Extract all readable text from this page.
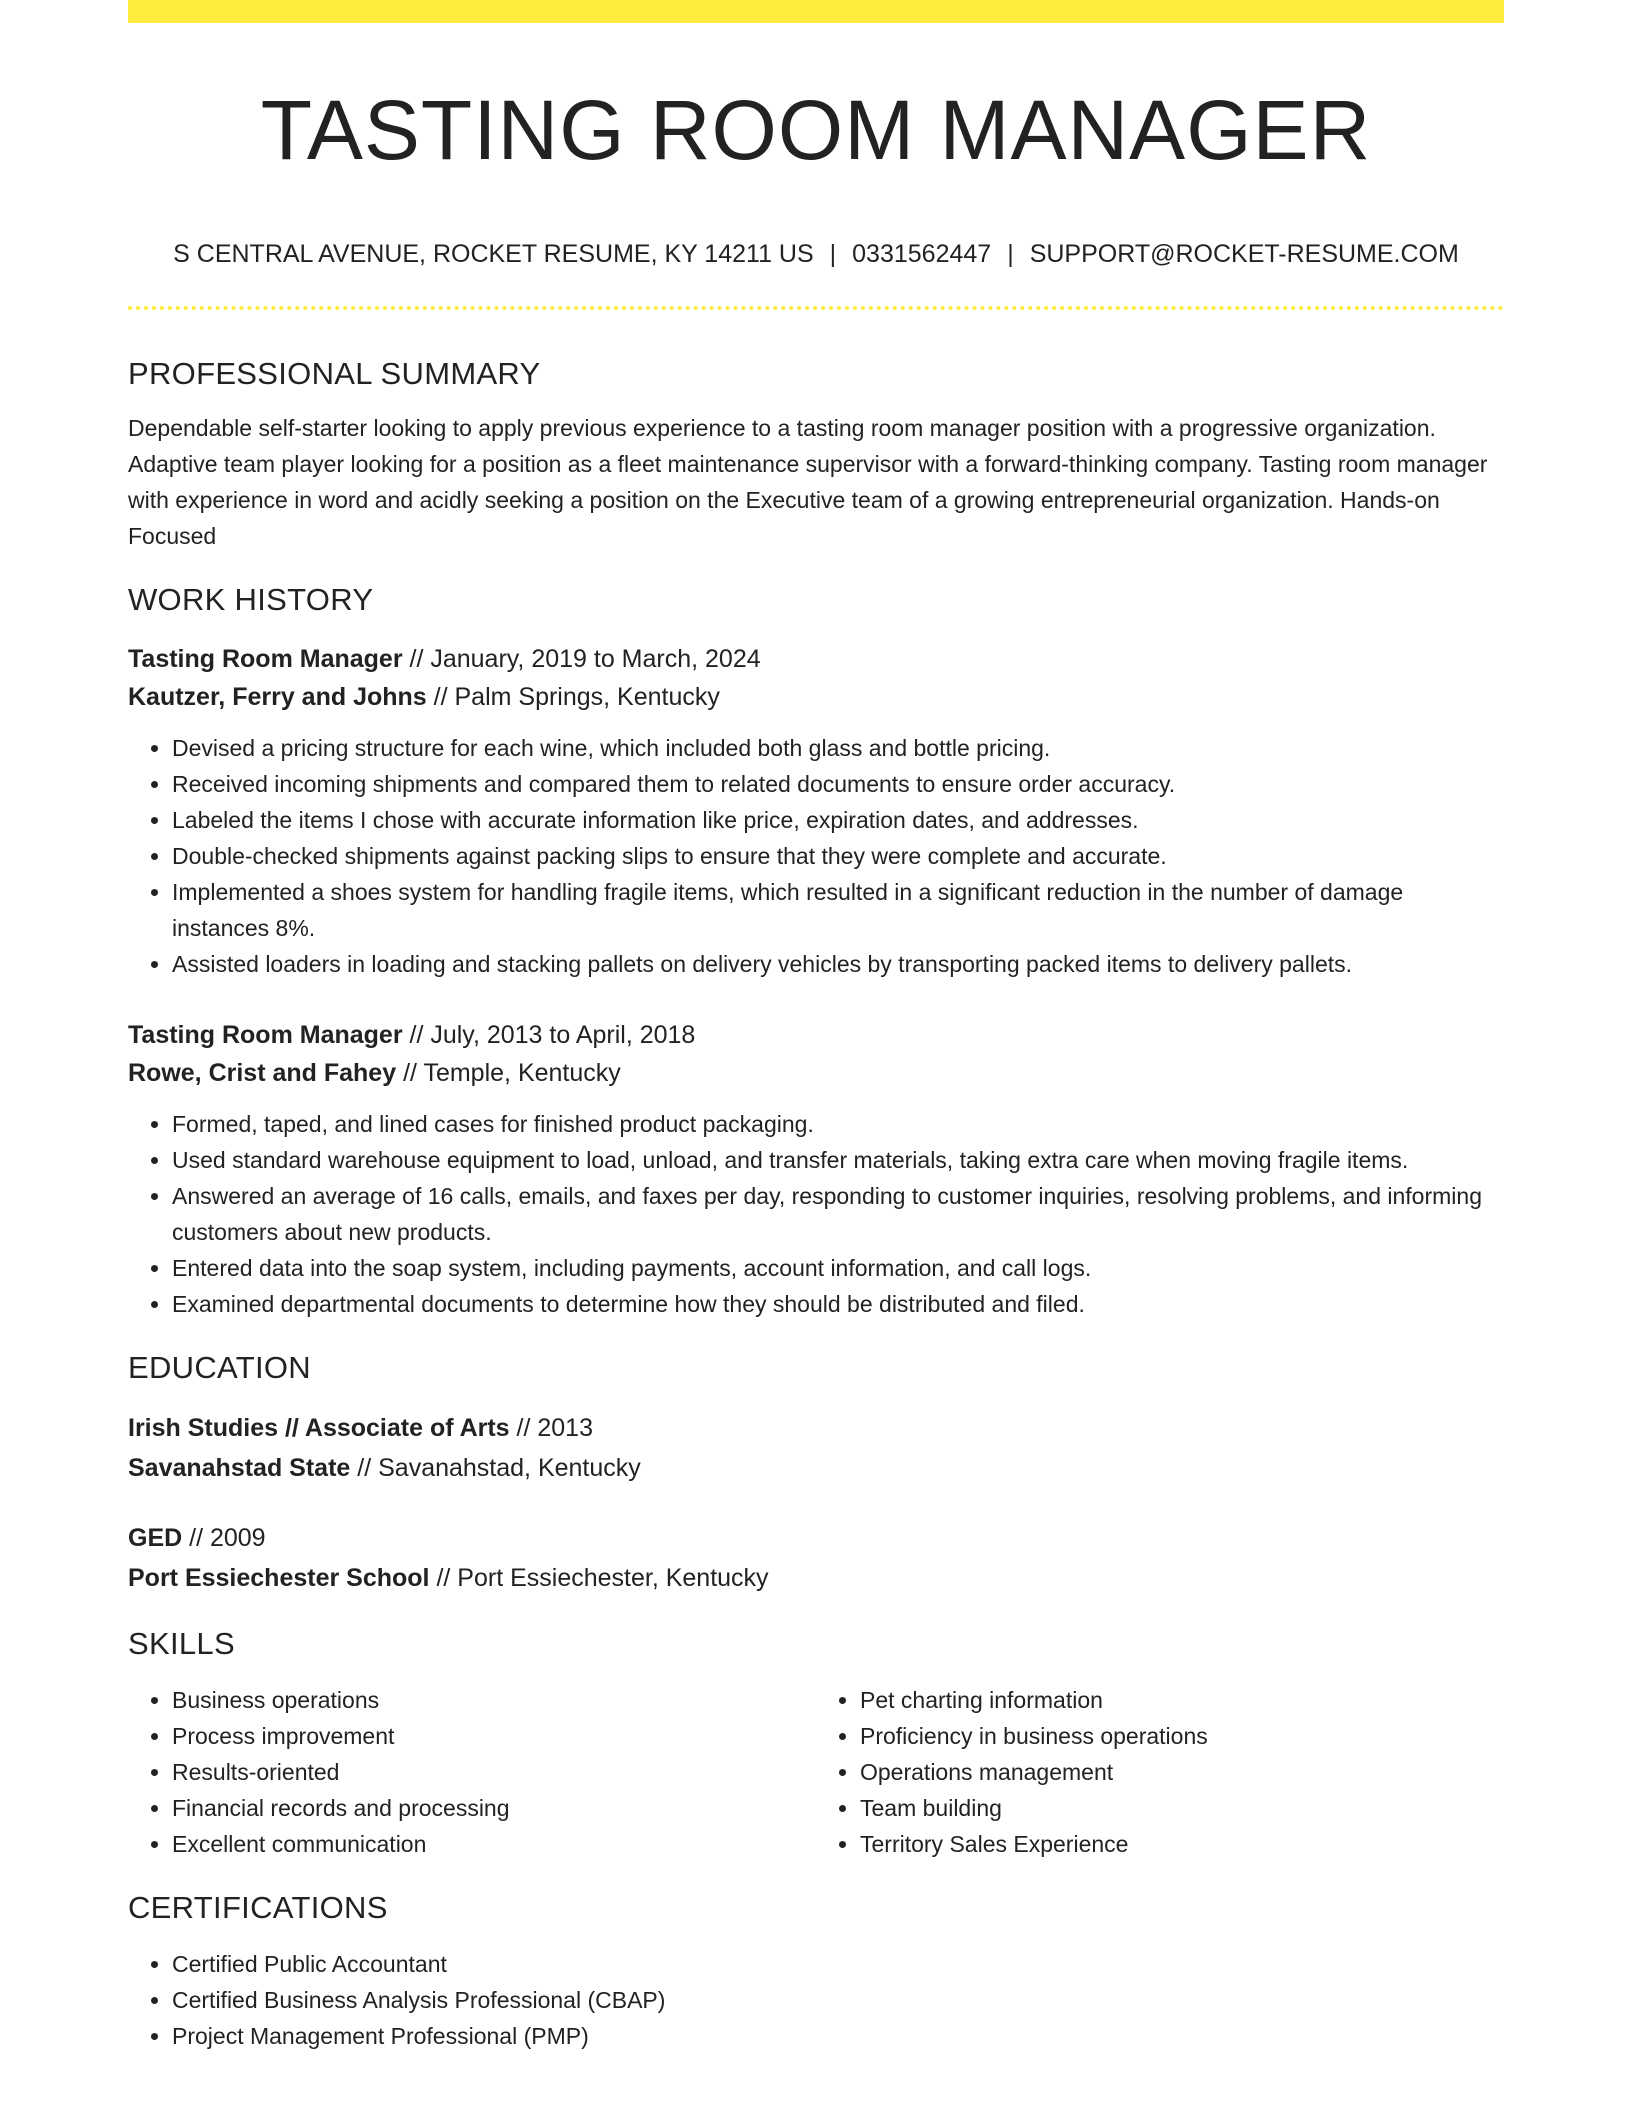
TASTING ROOM MANAGER
S CENTRAL AVENUE, ROCKET RESUME, KY 14211 US | 0331562447 | SUPPORT@ROCKET-RESUME.COM
PROFESSIONAL SUMMARY

Dependable self-starter looking to apply previous experience to a tasting room manager position with a progressive organization. Adaptive team player looking for a position as a fleet maintenance supervisor with a forward-thinking company. Tasting room manager with experience in word and acidly seeking a position on the Executive team of a growing entrepreneurial organization. Hands-on Focused

WORK HISTORY

Tasting Room Manager // January, 2019 to March, 2024

Kautzer, Ferry and Johns // Palm Springs, Kentucky

• Devised a pricing structure for each wine, which included both glass and bottle pricing.
• Received incoming shipments and compared them to related documents to ensure order accuracy.
• Labeled the items I chose with accurate information like price, expiration dates, and addresses.
• Double-checked shipments against packing slips to ensure that they were complete and accurate.
• Implemented a shoes system for handling fragile items, which resulted in a significant reduction in the number of damage instances 8%.
• Assisted loaders in loading and stacking pallets on delivery vehicles by transporting packed items to delivery pallets.

Tasting Room Manager // July, 2013 to April, 2018

Rowe, Crist and Fahey // Temple, Kentucky

• Formed, taped, and lined cases for finished product packaging.
• Used standard warehouse equipment to load, unload, and transfer materials, taking extra care when moving fragile items.
• Answered an average of 16 calls, emails, and faxes per day, responding to customer inquiries, resolving problems, and informing customers about new products.
• Entered data into the soap system, including payments, account information, and call logs.
• Examined departmental documents to determine how they should be distributed and filed.
EDUCATION

Irish Studies // Associate of Arts // 2013

Savanahstad State // Savanahstad, Kentucky

GED // 2009

Port Essiechester School // Port Essiechester, Kentucky

SKILLS
• Business operations
• Process improvement
• Results-oriented
• Financial records and processing
• Excellent communication
• Pet charting information
• Proficiency in business operations
• Operations management
• Team building
• Territory Sales Experience
CERTIFICATIONS
• Certified Public Accountant
• Certified Business Analysis Professional (CBAP)
• Project Management Professional (PMP)
